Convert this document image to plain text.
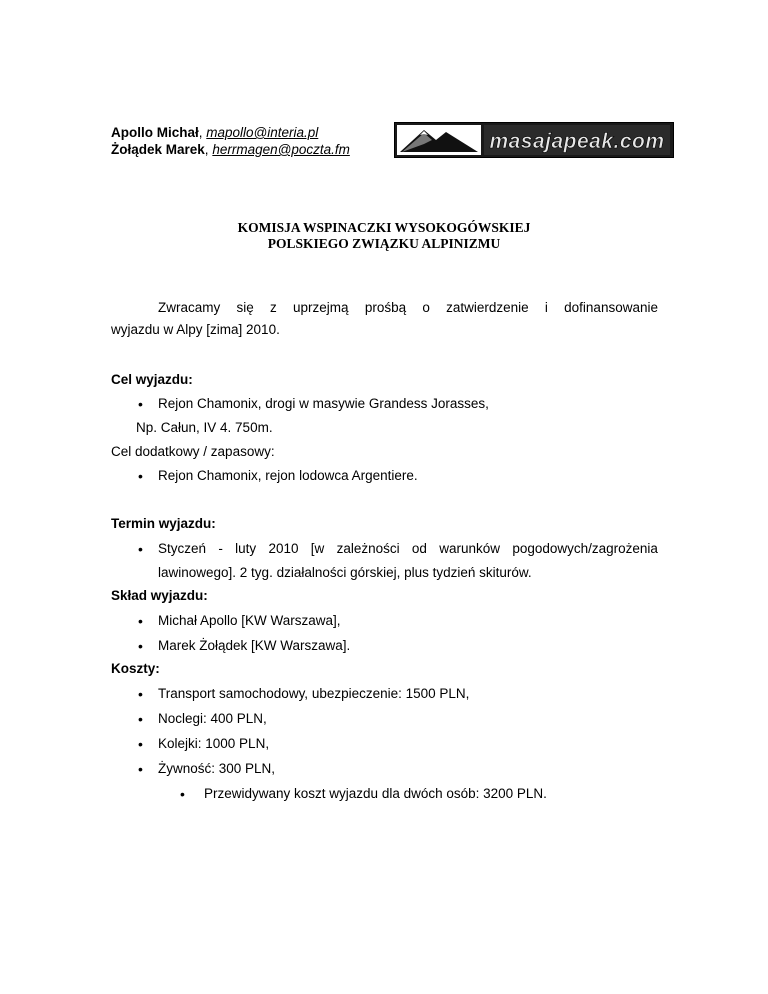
Apollo Michał, mapollo@interia.pl
Żołądek Marek, herrmagen@poczta.fm	masajapeak.com
KOMISJA WSPINACZKI WYSOKOGÓWSKIEJ
POLSKIEGO ZWIĄZKU ALPINIZMU
Zwracamy się z uprzejmą prośbą o zatwierdzenie i dofinansowanie
wyjazdu w Alpy [zima] 2010.
Cel wyjazdu:
• Rejon Chamonix, drogi w masywie Grandess Jorasses,
Np. Całun, IV 4. 750m.
Cel dodatkowy / zapasowy:
• Rejon Chamonix, rejon lodowca Argentiere.
Termin wyjazdu:
• Styczeń - luty 2010 [w zależności od warunków pogodowych/zagrożenia
lawinowego]. 2 tyg. działalności górskiej, plus tydzień skiturów.
Skład wyjazdu:
• Michał Apollo [KW Warszawa],
• Marek Żołądek [KW Warszawa].
Koszty:
• Transport samochodowy, ubezpieczenie: 1500 PLN,
• Noclegi: 400 PLN,
• Kolejki: 1000 PLN,
• Żywność: 300 PLN,
• Przewidywany koszt wyjazdu dla dwóch osób: 3200 PLN.
